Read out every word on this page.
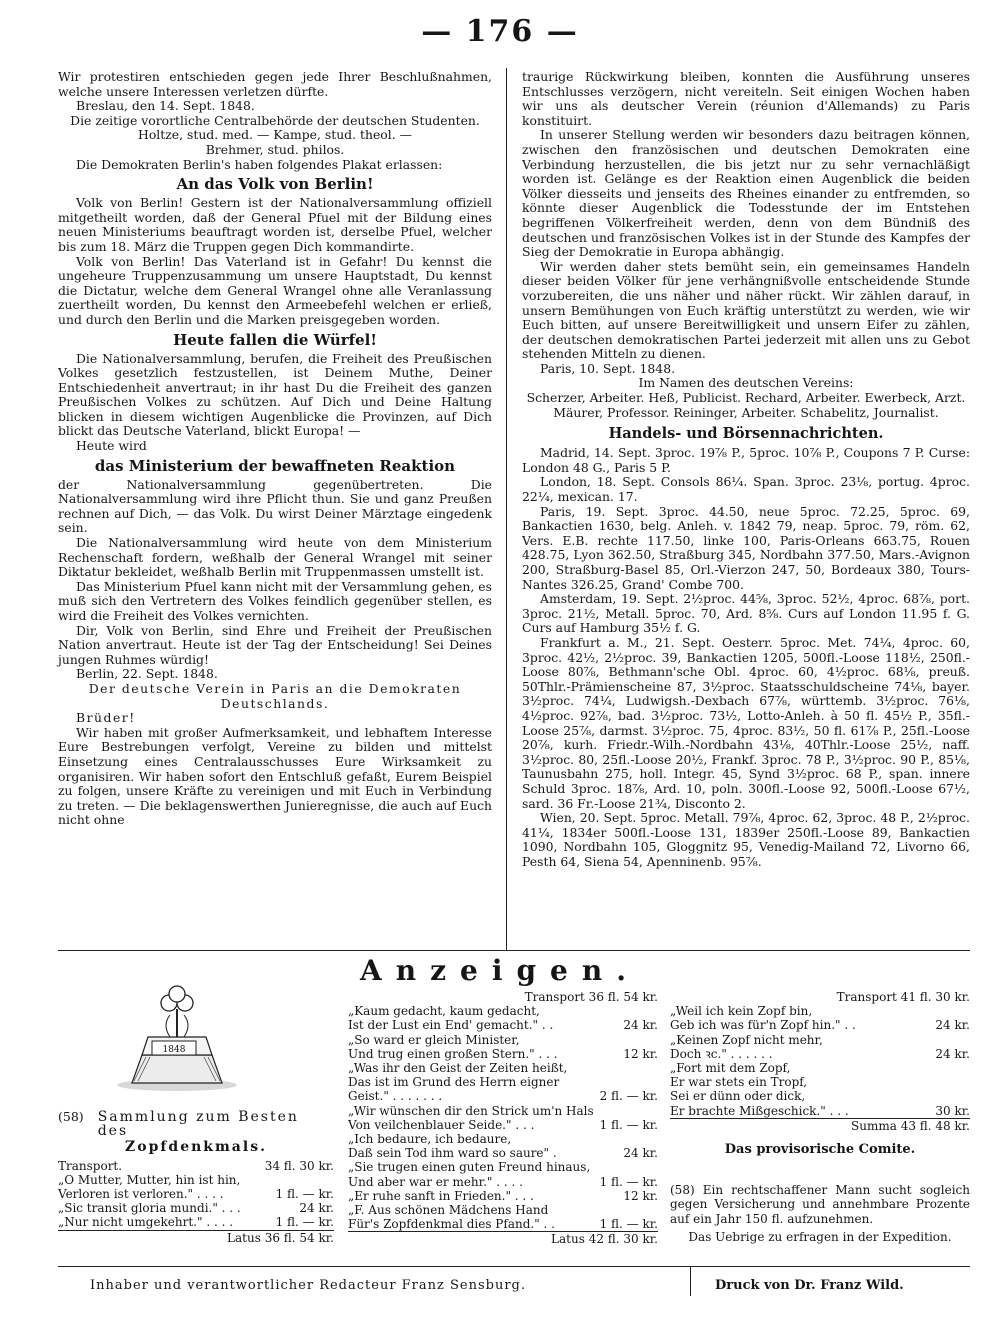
— 176 —

Wir protestiren entschieden gegen jede Ihrer Beschlußnahmen, welche unsere Interessen verletzen dürfte.

Breslau, den 14. Sept. 1848.

Die zeitige vorortliche Centralbehörde der deutschen Studenten.

Holtze, stud. med. — Kampe, stud. theol. —

Brehmer, stud. philos.

Die Demokraten Berlin's haben folgendes Plakat erlassen:

An das Volk von Berlin!

Volk von Berlin! Gestern ist der Nationalversammlung offiziell mitgetheilt worden, daß der General Pfuel mit der Bildung eines neuen Ministeriums beauftragt worden ist, derselbe Pfuel, welcher bis zum 18. März die Truppen gegen Dich kommandirte.

Volk von Berlin! Das Vaterland ist in Gefahr! Du kennst die ungeheure Truppenzusammung um unsere Hauptstadt, Du kennst die Dictatur, welche dem General Wrangel ohne alle Veranlassung zuertheilt worden, Du kennst den Armeebefehl welchen er erließ, und durch den Berlin und die Marken preisgegeben worden.

Heute fallen die Würfel!

Die Nationalversammlung, berufen, die Freiheit des Preußischen Volkes gesetzlich festzustellen, ist Deinem Muthe, Deiner Entschiedenheit anvertraut; in ihr hast Du die Freiheit des ganzen Preußischen Volkes zu schützen. Auf Dich und Deine Haltung blicken in diesem wichtigen Augenblicke die Provinzen, auf Dich blickt das Deutsche Vaterland, blickt Europa! —

Heute wird

das Ministerium der bewaffneten Reaktion

der Nationalversammlung gegenübertreten. Die Nationalversammlung wird ihre Pflicht thun. Sie und ganz Preußen rechnen auf Dich, — das Volk. Du wirst Deiner Märztage eingedenk sein.

Die Nationalversammlung wird heute von dem Ministerium Rechenschaft fordern, weßhalb der General Wrangel mit seiner Diktatur bekleidet, weßhalb Berlin mit Truppenmassen umstellt ist.

Das Ministerium Pfuel kann nicht mit der Versammlung gehen, es muß sich den Vertretern des Volkes feindlich gegenüber stellen, es wird die Freiheit des Volkes vernichten.

Dir, Volk von Berlin, sind Ehre und Freiheit der Preußischen Nation anvertraut. Heute ist der Tag der Entscheidung! Sei Deines jungen Ruhmes würdig!

Berlin, 22. Sept. 1848.

Der deutsche Verein in Paris an die Demokraten Deutschlands.

Brüder!

Wir haben mit großer Aufmerksamkeit, und lebhaftem Interesse Eure Bestrebungen verfolgt, Vereine zu bilden und mittelst Einsetzung eines Centralausschusses Eure Wirksamkeit zu organisiren. Wir haben sofort den Entschluß gefaßt, Eurem Beispiel zu folgen, unsere Kräfte zu vereinigen und mit Euch in Verbindung zu treten. — Die beklagenswerthen Junieregnisse, die auch auf Euch nicht ohne

traurige Rückwirkung bleiben, konnten die Ausführung unseres Entschlusses verzögern, nicht vereiteln. Seit einigen Wochen haben wir uns als deutscher Verein (réunion d'Allemands) zu Paris konstituirt.

In unserer Stellung werden wir besonders dazu beitragen können, zwischen den französischen und deutschen Demokraten eine Verbindung herzustellen, die bis jetzt nur zu sehr vernachläßigt worden ist. Gelänge es der Reaktion einen Augenblick die beiden Völker diesseits und jenseits des Rheines einander zu entfremden, so könnte dieser Augenblick die Todesstunde der im Entstehen begriffenen Völkerfreiheit werden, denn von dem Bündniß des deutschen und französischen Volkes ist in der Stunde des Kampfes der Sieg der Demokratie in Europa abhängig.

Wir werden daher stets bemüht sein, ein gemeinsames Handeln dieser beiden Völker für jene verhängnißvolle entscheidende Stunde vorzubereiten, die uns näher und näher rückt. Wir zählen darauf, in unsern Bemühungen von Euch kräftig unterstützt zu werden, wie wir Euch bitten, auf unsere Bereitwilligkeit und unsern Eifer zu zählen, der deutschen demokratischen Partei jederzeit mit allen uns zu Gebot stehenden Mitteln zu dienen.

Paris, 10. Sept. 1848.

Im Namen des deutschen Vereins:

Scherzer, Arbeiter. Heß, Publicist. Rechard, Arbeiter. Ewerbeck, Arzt. Mäurer, Professor. Reininger, Arbeiter. Schabelitz, Journalist.

Handels- und Börsennachrichten.

Madrid, 14. Sept. 3proc. 19⅞ P., 5proc. 10⅞ P., Coupons 7 P. Curse: London 48 G., Paris 5 P.

London, 18. Sept. Consols 86¼. Span. 3proc. 23⅛, portug. 4proc. 22¼, mexican. 17.

Paris, 19. Sept. 3proc. 44.50, neue 5proc. 72.25, 5proc. 69, Bankactien 1630, belg. Anleh. v. 1842 79, neap. 5proc. 79, röm. 62, Vers. E.B. rechte 117.50, linke 100, Paris-Orleans 663.75, Rouen 428.75, Lyon 362.50, Straßburg 345, Nordbahn 377.50, Mars.-Avignon 200, Straßburg-Basel 85, Orl.-Vierzon 247, 50, Bordeaux 380, Tours-Nantes 326.25, Grand' Combe 700.

Amsterdam, 19. Sept. 2½proc. 44⅝, 3proc. 52½, 4proc. 68⅞, port. 3proc. 21½, Metall. 5proc. 70, Ard. 8⅝. Curs auf London 11.95 f. G. Curs auf Hamburg 35½ f. G.

Frankfurt a. M., 21. Sept. Oesterr. 5proc. Met. 74¼, 4proc. 60, 3proc. 42½, 2½proc. 39, Bankactien 1205, 500fl.-Loose 118½, 250fl.-Loose 80⅞, Bethmann'sche Obl. 4proc. 60, 4½proc. 68⅛, preuß. 50Thlr.-Prämienscheine 87, 3½proc. Staatsschuldscheine 74⅛, bayer. 3½proc. 74¼, Ludwigsh.-Dexbach 67⅞, württemb. 3½proc. 76⅛, 4½proc. 92⅞, bad. 3½proc. 73½, Lotto-Anleh. à 50 fl. 45½ P., 35fl.-Loose 25⅞, darmst. 3½proc. 75, 4proc. 83½, 50 fl. 61⅞ P., 25fl.-Loose 20⅞, kurh. Friedr.-Wilh.-Nordbahn 43⅛, 40Thlr.-Loose 25½, naff. 3½proc. 80, 25fl.-Loose 20½, Frankf. 3proc. 78 P., 3½proc. 90 P., 85⅛, Taunusbahn 275, holl. Integr. 45, Synd 3½proc. 68 P., span. innere Schuld 3proc. 18⅞, Ard. 10, poln. 300fl.-Loose 92, 500fl.-Loose 67½, sard. 36 Fr.-Loose 21¾, Disconto 2.

Wien, 20. Sept. 5proc. Metall. 79⅞, 4proc. 62, 3proc. 48 P., 2½proc. 41¼, 1834er 500fl.-Loose 131, 1839er 250fl.-Loose 89, Bankactien 1090, Nordbahn 105, Gloggnitz 95, Venedig-Mailand 72, Livorno 66, Pesth 64, Siena 54, Apenninenb. 95⅞.

Anzeigen.
1848
(58)	Sammlung zum Besten des
Zopfdenkmals.
Transport.	34 fl. 30 kr.
„O Mutter, Mutter, hin ist hin,
Verloren ist verloren." . . . .	1 fl. — kr.
„Sic transit gloria mundi." . . .	24 kr.
„Nur nicht umgekehrt." . . . .	1 fl. — kr.
Latus 36 fl. 54 kr.
Transport 36 fl. 54 kr.
„Kaum gedacht, kaum gedacht,
Ist der Lust ein End' gemacht." . .	24 kr.
„So ward er gleich Minister,
Und trug einen großen Stern." . . .	12 kr.
„Was ihr den Geist der Zeiten heißt,
Das ist im Grund des Herrn eigner
Geist." . . . . . . .	2 fl. — kr.
„Wir wünschen dir den Strick um'n Hals
Von veilchenblauer Seide." . . .	1 fl. — kr.
„Ich bedaure, ich bedaure,
Daß sein Tod ihm ward so saure" .	24 kr.
„Sie trugen einen guten Freund hinaus,
Und aber war er mehr." . . . .	1 fl. — kr.
„Er ruhe sanft in Frieden." . . .	12 kr.
„F. Aus schönen Mädchens Hand
Für's Zopfdenkmal dies Pfand." . .	1 fl. — kr.
Latus 42 fl. 30 kr.
Transport 41 fl. 30 kr.
„Weil ich kein Zopf bin,
Geb ich was für'n Zopf hin." . .	24 kr.
„Keinen Zopf nicht mehr,
Doch ꝛc." . . . . . .	24 kr.
„Fort mit dem Zopf,
Er war stets ein Tropf,
Sei er dünn oder dick,
Er brachte Mißgeschick." . . .	30 kr.
Summa 43 fl. 48 kr.
Das provisorische Comite.
(58) Ein rechtschaffener Mann sucht sogleich gegen Versicherung und annehmbare Prozente auf ein Jahr 150 fl. aufzunehmen.
Das Uebrige zu erfragen in der Expedition.
Inhaber und verantwortlicher Redacteur Franz Sensburg.	Druck von Dr. Franz Wild.
